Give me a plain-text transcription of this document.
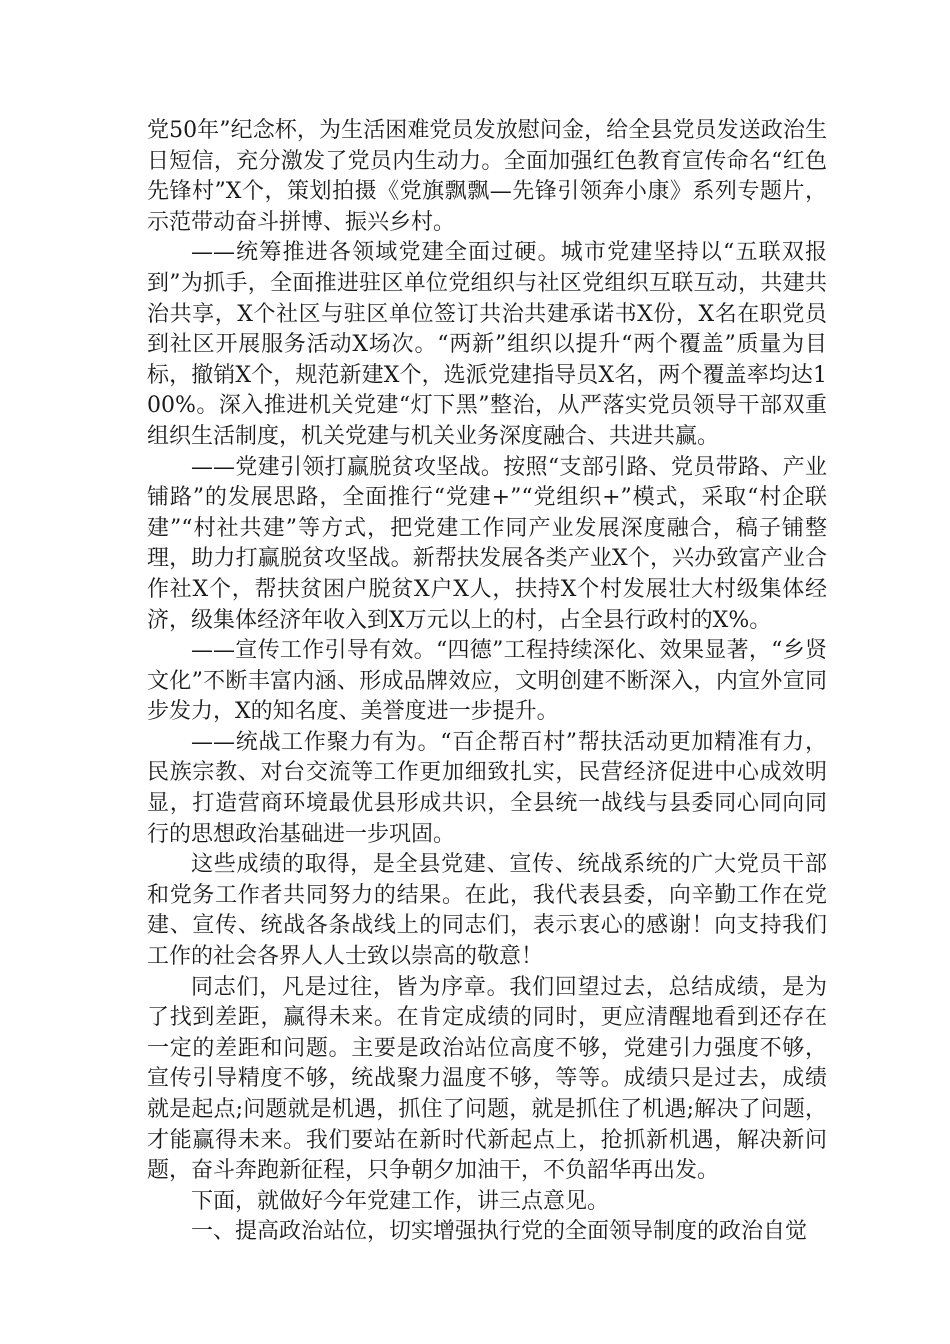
党50年”纪念杯，为生活困难党员发放慰问金，给全县党员发送政治生日短信，充分激发了党员内生动力。全面加强红色教育宣传命名“红色先锋村”X个，策划拍摄《党旗飘飘—先锋引领奔小康》系列专题片，示范带动奋斗拼博、振兴乡村。

——统筹推进各领域党建全面过硬。城市党建坚持以“五联双报到”为抓手，全面推进驻区单位党组织与社区党组织互联互动，共建共治共享，X个社区与驻区单位签订共治共建承诺书X份，X名在职党员到社区开展服务活动X场次。“两新”组织以提升“两个覆盖”质量为目标，撤销X个，规范新建X个，选派党建指导员X名，两个覆盖率均达100%。深入推进机关党建“灯下黑”整治，从严落实党员领导干部双重组织生活制度，机关党建与机关业务深度融合、共进共赢。

——党建引领打赢脱贫攻坚战。按照“支部引路、党员带路、产业铺路”的发展思路，全面推行“党建+”“党组织+”模式，采取“村企联建”“村社共建”等方式，把党建工作同产业发展深度融合，稿子铺整理，助力打赢脱贫攻坚战。新帮扶发展各类产业X个，兴办致富产业合作社X个，帮扶贫困户脱贫X户X人，扶持X个村发展壮大村级集体经济，级集体经济年收入到X万元以上的村，占全县行政村的X%。

——宣传工作引导有效。“四德”工程持续深化、效果显著，“乡贤文化”不断丰富内涵、形成品牌效应，文明创建不断深入，内宣外宣同步发力，X的知名度、美誉度进一步提升。

——统战工作聚力有为。“百企帮百村”帮扶活动更加精准有力，民族宗教、对台交流等工作更加细致扎实，民营经济促进中心成效明显，打造营商环境最优县形成共识，全县统一战线与县委同心同向同行的思想政治基础进一步巩固。

这些成绩的取得，是全县党建、宣传、统战系统的广大党员干部和党务工作者共同努力的结果。在此，我代表县委，向辛勤工作在党建、宣传、统战各条战线上的同志们，表示衷心的感谢！向支持我们工作的社会各界人人士致以崇高的敬意！

同志们，凡是过往，皆为序章。我们回望过去，总结成绩，是为了找到差距，赢得未来。在肯定成绩的同时，更应清醒地看到还存在一定的差距和问题。主要是政治站位高度不够，党建引力强度不够，宣传引导精度不够，统战聚力温度不够，等等。成绩只是过去，成绩就是起点;问题就是机遇，抓住了问题，就是抓住了机遇;解决了问题，才能赢得未来。我们要站在新时代新起点上，抢抓新机遇，解决新问题，奋斗奔跑新征程，只争朝夕加油干，不负韶华再出发。

下面，就做好今年党建工作，讲三点意见。

一、提高政治站位，切实增强执行党的全面领导制度的政治自觉
